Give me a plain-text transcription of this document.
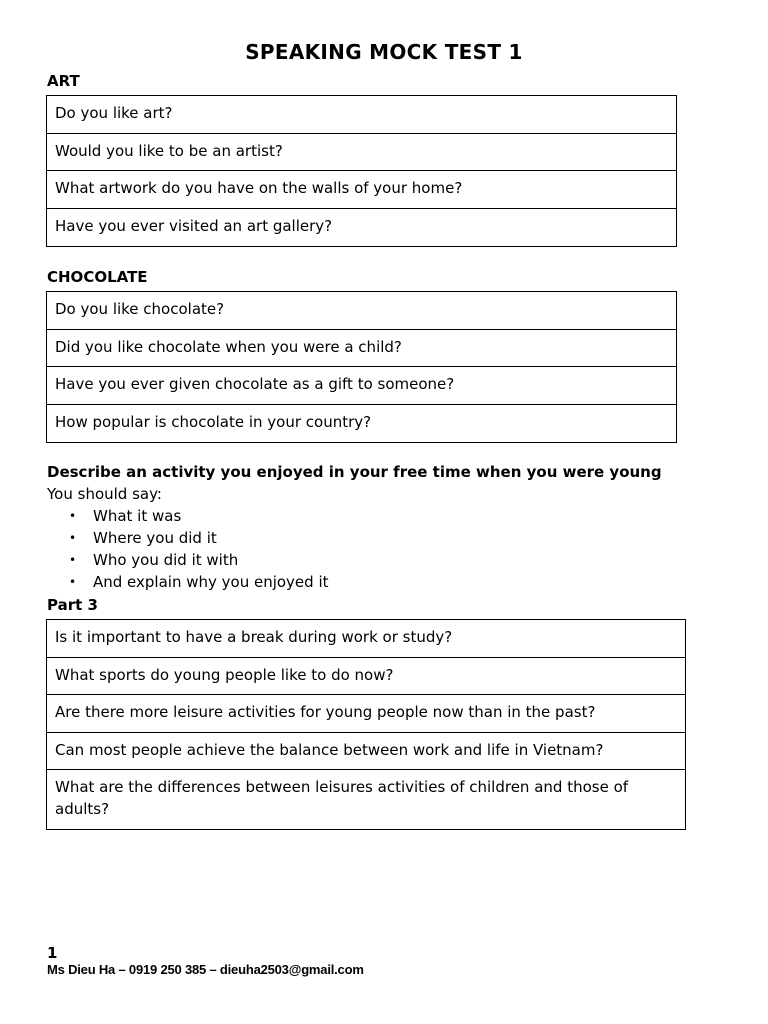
SPEAKING MOCK TEST 1
ART
Do you like art?
Would you like to be an artist?
What artwork do you have on the walls of your home?
Have you ever visited an art gallery?
CHOCOLATE
Do you like chocolate?
Did you like chocolate when you were a child?
Have you ever given chocolate as a gift to someone?
How popular is chocolate in your country?
Describe an activity you enjoyed in your free time when you were young
You should say:
• What it was
• Where you did it
• Who you did it with
• And explain why you enjoyed it
Part 3
Is it important to have a break during work or study?
What sports do young people like to do now?
Are there more leisure activities for young people now than in the past?
Can most people achieve the balance between work and life in Vietnam?
What are the differences between leisures activities of children and those of adults?
1
Ms Dieu Ha – 0919 250 385 – dieuha2503@gmail.com
